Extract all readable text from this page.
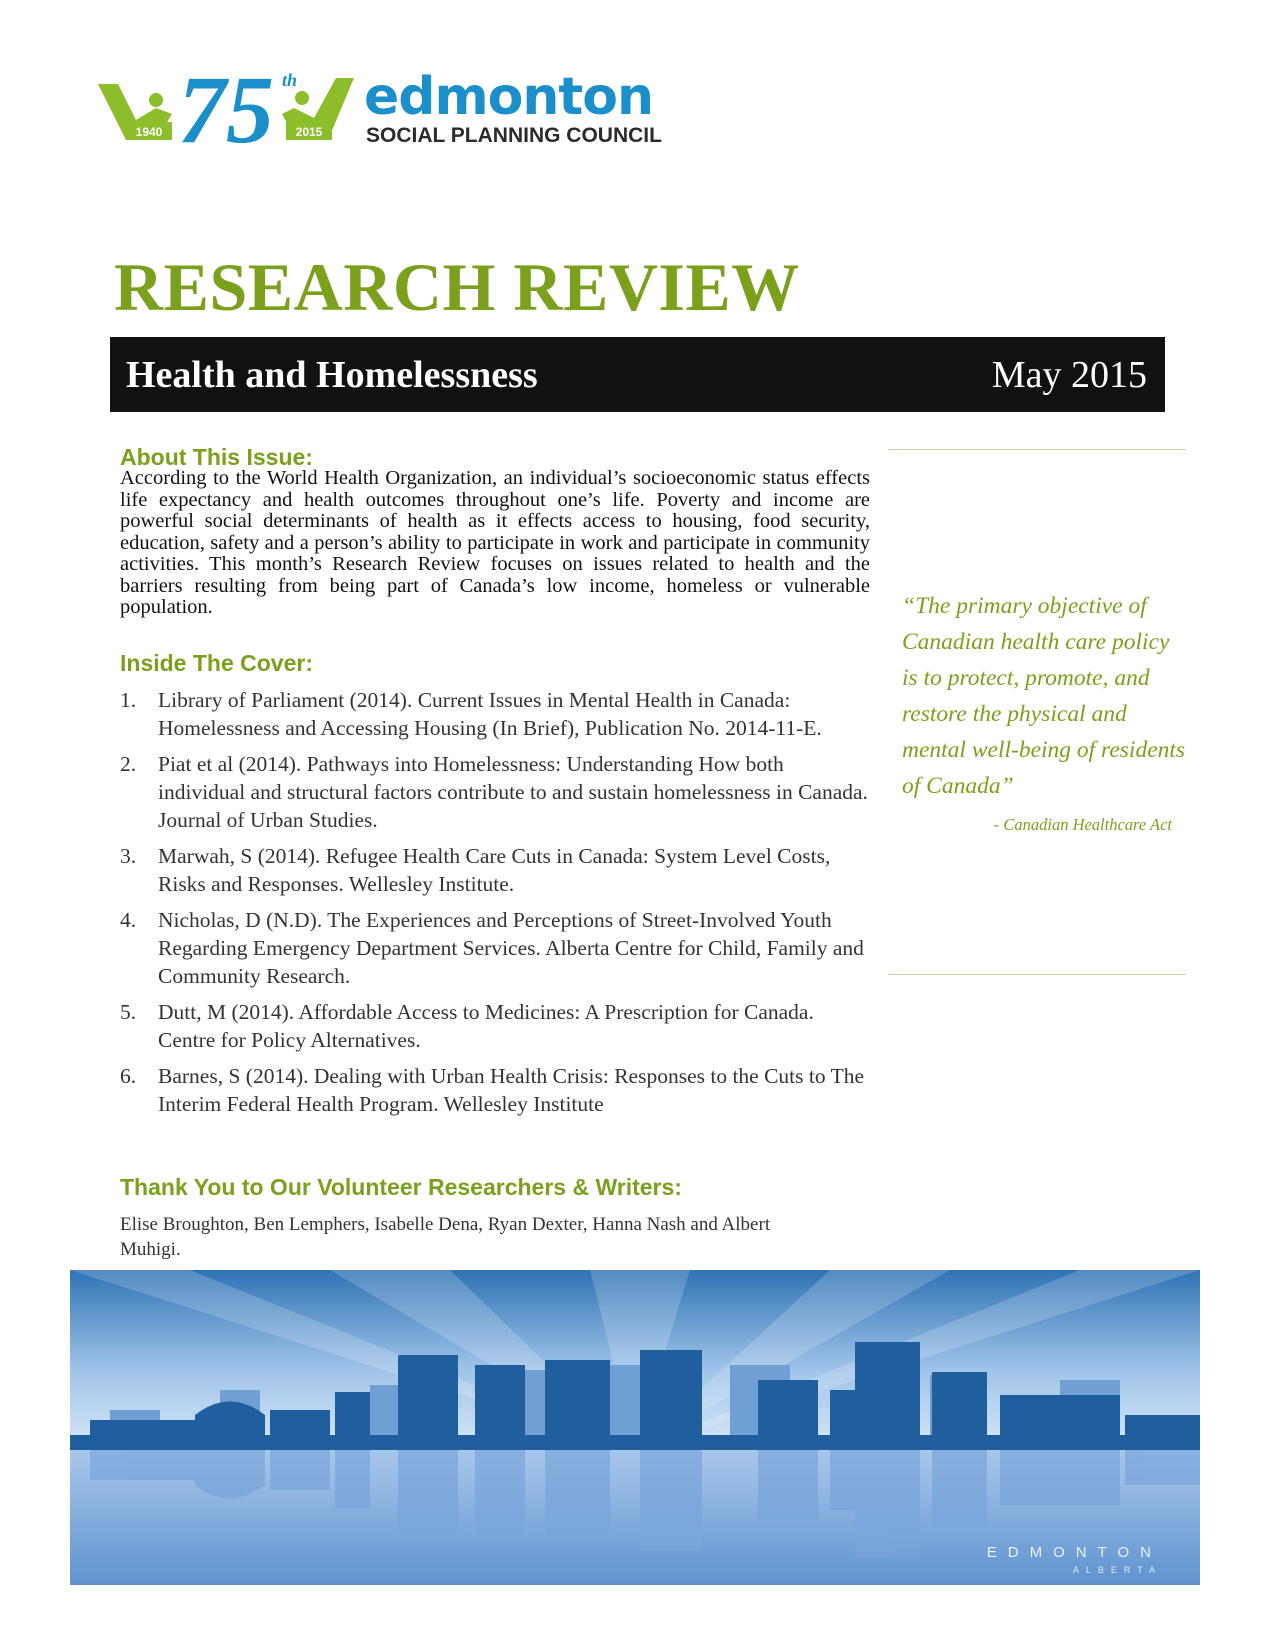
1940	2015
75 th edmonton
SOCIAL PLANNING COUNCIL
RESEARCH REVIEW
Health and Homelessness	May 2015
About This Issue:

According to the World Health Organization, an individual’s socioeconomic status effects life expectancy and health outcomes throughout one’s life. Poverty and income are powerful social determinants of health as it effects access to housing, food security, education, safety and a person’s ability to participate in work and participate in community activities. This month’s Research Review focuses on issues related to health and the barriers resulting from being part of Canada’s low income, homeless or vulnerable population.

Inside The Cover:
1. Library of Parliament (2014). Current Issues in Mental Health in Canada: Homelessness and Accessing Housing (In Brief), Publication No. 2014-11-E.
2. Piat et al (2014). Pathways into Homelessness: Understanding How both individual and structural factors contribute to and sustain homelessness in Canada. Journal of Urban Studies.
3. Marwah, S (2014). Refugee Health Care Cuts in Canada: System Level Costs, Risks and Responses. Wellesley Institute.
4. Nicholas, D (N.D). The Experiences and Perceptions of Street-Involved Youth Regarding Emergency Department Services. Alberta Centre for Child, Family and Community Research.
5. Dutt, M (2014). Affordable Access to Medicines: A Prescription for Canada. Centre for Policy Alternatives.
6. Barnes, S (2014). Dealing with Urban Health Crisis: Responses to the Cuts to The Interim Federal Health Program. Wellesley Institute
Thank You to Our Volunteer Researchers & Writers:

Elise Broughton, Ben Lemphers, Isabelle Dena, Ryan Dexter, Hanna Nash and Albert Muhigi.

“The primary objective of Canadian health care policy is to protect, promote, and restore the physical and mental well-being of residents of Canada”

- Canadian Healthcare Act
EDMONTON
ALBERTA
